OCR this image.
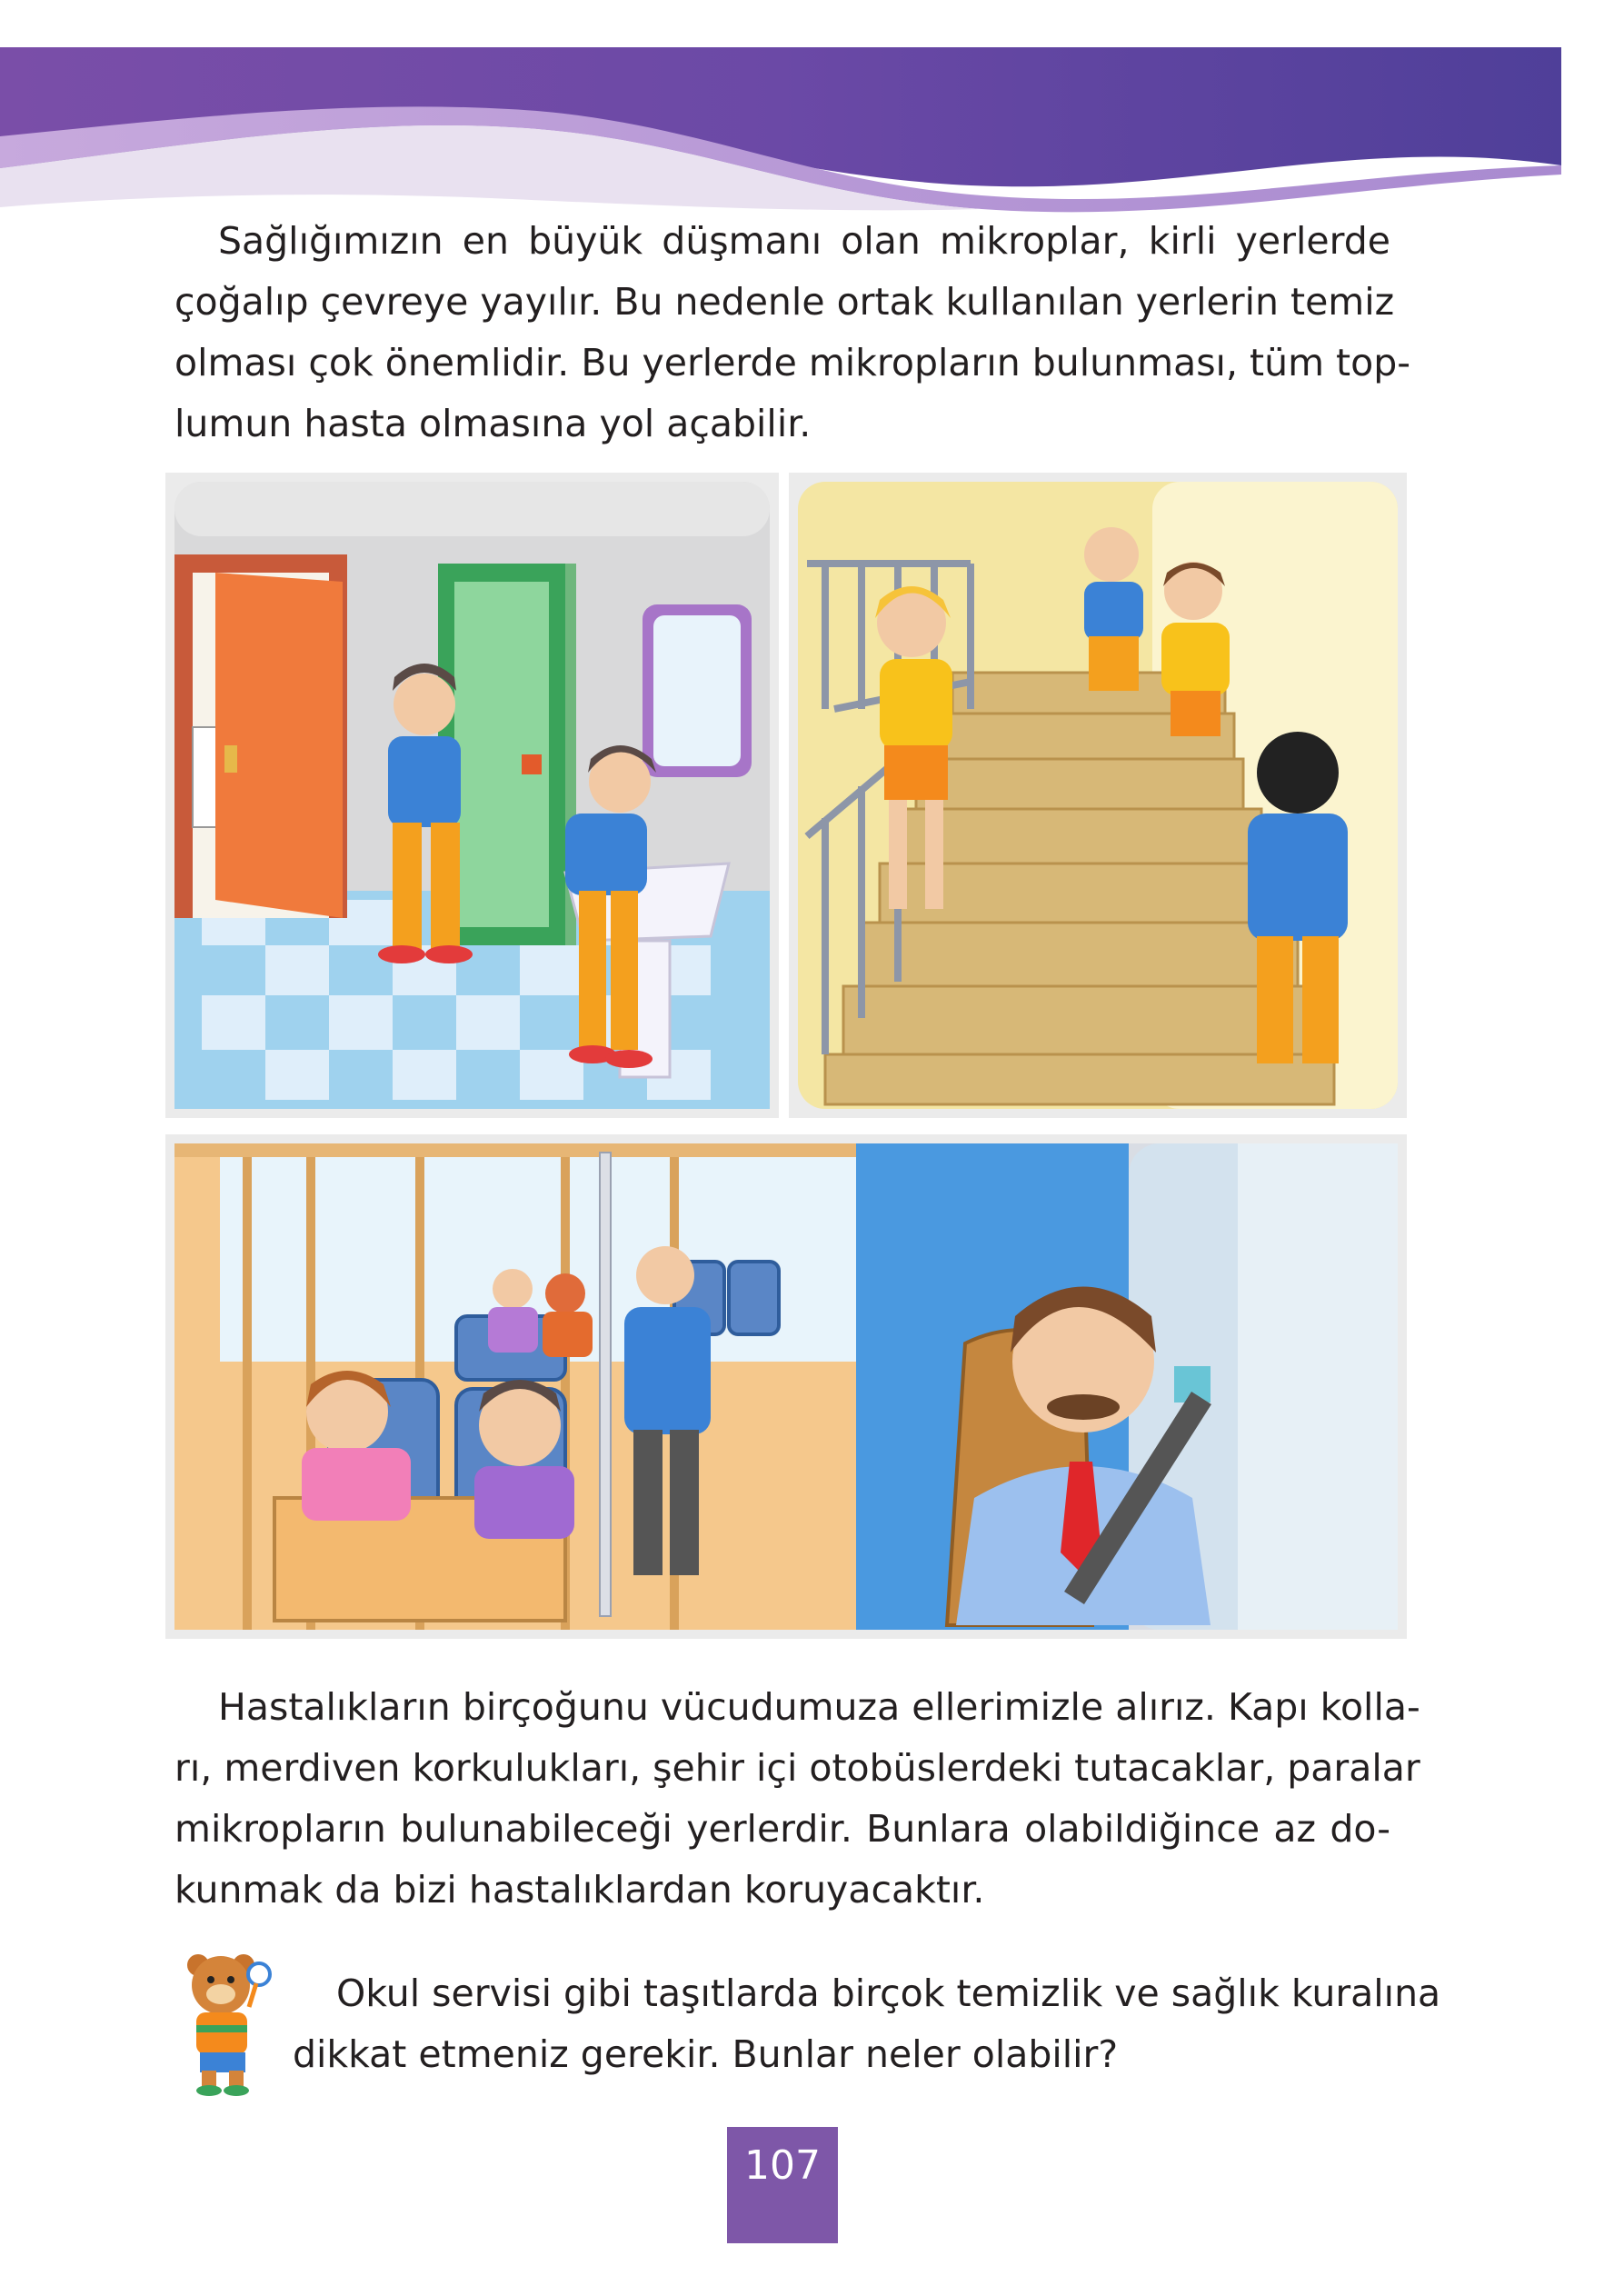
Sağlığımızın en büyük düşmanı olan mikroplar, kirli yerlerde
çoğalıp çevreye yayılır. Bu nedenle ortak kullanılan yerlerin temiz
olması çok önemlidir. Bu yerlerde mikropların bulunması, tüm top-
lumun hasta olmasına yol açabilir.
Hastalıkların birçoğunu vücudumuza ellerimizle alırız. Kapı kolla-
rı, merdiven korkulukları, şehir içi otobüslerdeki tutacaklar, paralar
mikropların bulunabileceği yerlerdir. Bunlara olabildiğince az do-
kunmak da bizi hastalıklardan koruyacaktır.
Okul servisi gibi taşıtlarda birçok temizlik ve sağlık kuralına
dikkat etmeniz gerekir. Bunlar neler olabilir?
107
